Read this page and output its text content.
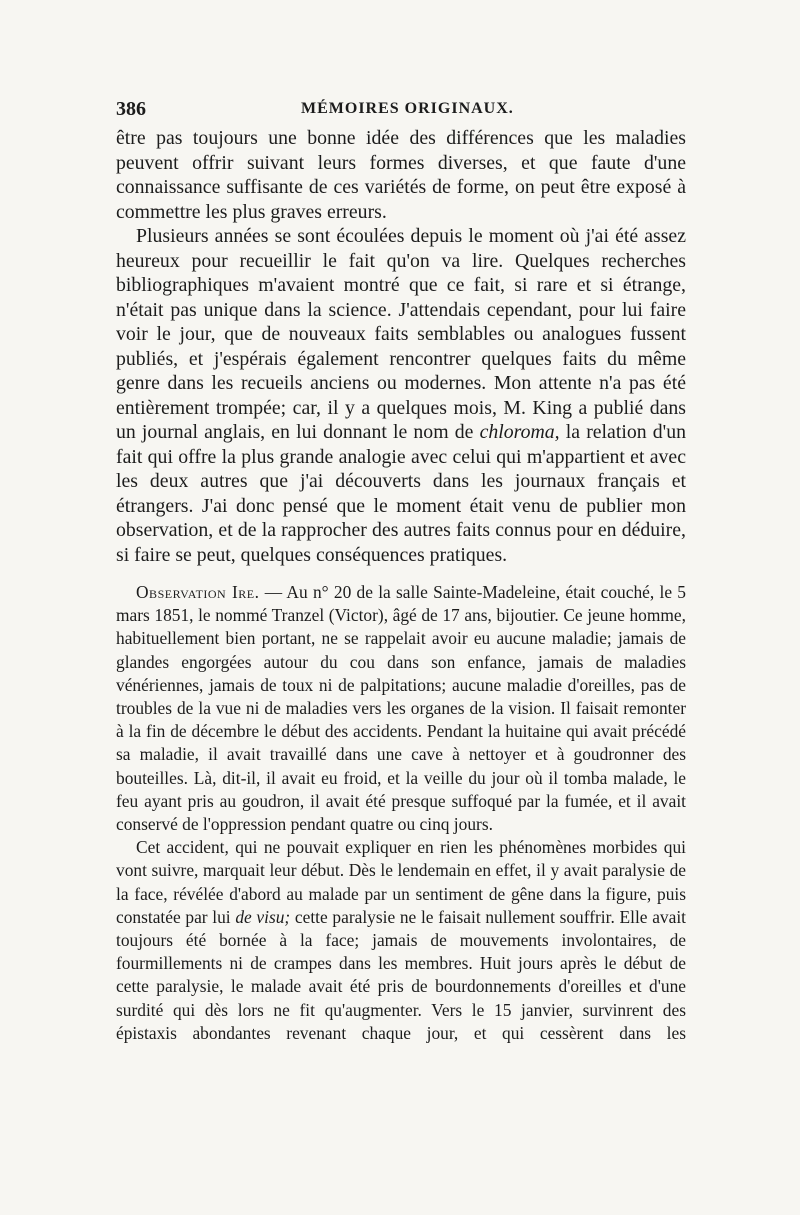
386	MÉMOIRES ORIGINAUX.

être pas toujours une bonne idée des différences que les maladies peuvent offrir suivant leurs formes diverses, et que faute d'une connaissance suffisante de ces variétés de forme, on peut être exposé à commettre les plus graves erreurs.

Plusieurs années se sont écoulées depuis le moment où j'ai été assez heureux pour recueillir le fait qu'on va lire. Quelques recherches bibliographiques m'avaient montré que ce fait, si rare et si étrange, n'était pas unique dans la science. J'attendais cependant, pour lui faire voir le jour, que de nouveaux faits semblables ou analogues fussent publiés, et j'espérais également rencontrer quelques faits du même genre dans les recueils anciens ou modernes. Mon attente n'a pas été entièrement trompée; car, il y a quelques mois, M. King a publié dans un journal anglais, en lui donnant le nom de chloroma, la relation d'un fait qui offre la plus grande analogie avec celui qui m'appartient et avec les deux autres que j'ai découverts dans les journaux français et étrangers. J'ai donc pensé que le moment était venu de publier mon observation, et de la rapprocher des autres faits connus pour en déduire, si faire se peut, quelques conséquences pratiques.

Observation Ire. — Au n° 20 de la salle Sainte-Madeleine, était couché, le 5 mars 1851, le nommé Tranzel (Victor), âgé de 17 ans, bijoutier. Ce jeune homme, habituellement bien portant, ne se rappelait avoir eu aucune maladie; jamais de glandes engorgées autour du cou dans son enfance, jamais de maladies vénériennes, jamais de toux ni de palpitations; aucune maladie d'oreilles, pas de troubles de la vue ni de maladies vers les organes de la vision. Il faisait remonter à la fin de décembre le début des accidents. Pendant la huitaine qui avait précédé sa maladie, il avait travaillé dans une cave à nettoyer et à goudronner des bouteilles. Là, dit-il, il avait eu froid, et la veille du jour où il tomba malade, le feu ayant pris au goudron, il avait été presque suffoqué par la fumée, et il avait conservé de l'oppression pendant quatre ou cinq jours.

Cet accident, qui ne pouvait expliquer en rien les phénomènes morbides qui vont suivre, marquait leur début. Dès le lendemain en effet, il y avait paralysie de la face, révélée d'abord au malade par un sentiment de gêne dans la figure, puis constatée par lui de visu; cette paralysie ne le faisait nullement souffrir. Elle avait toujours été bornée à la face; jamais de mouvements involontaires, de fourmillements ni de crampes dans les membres. Huit jours après le début de cette paralysie, le malade avait été pris de bourdonnements d'oreilles et d'une surdité qui dès lors ne fit qu'augmenter. Vers le 15 janvier, survinrent des épistaxis abondantes revenant chaque jour, et qui cessèrent dans les
